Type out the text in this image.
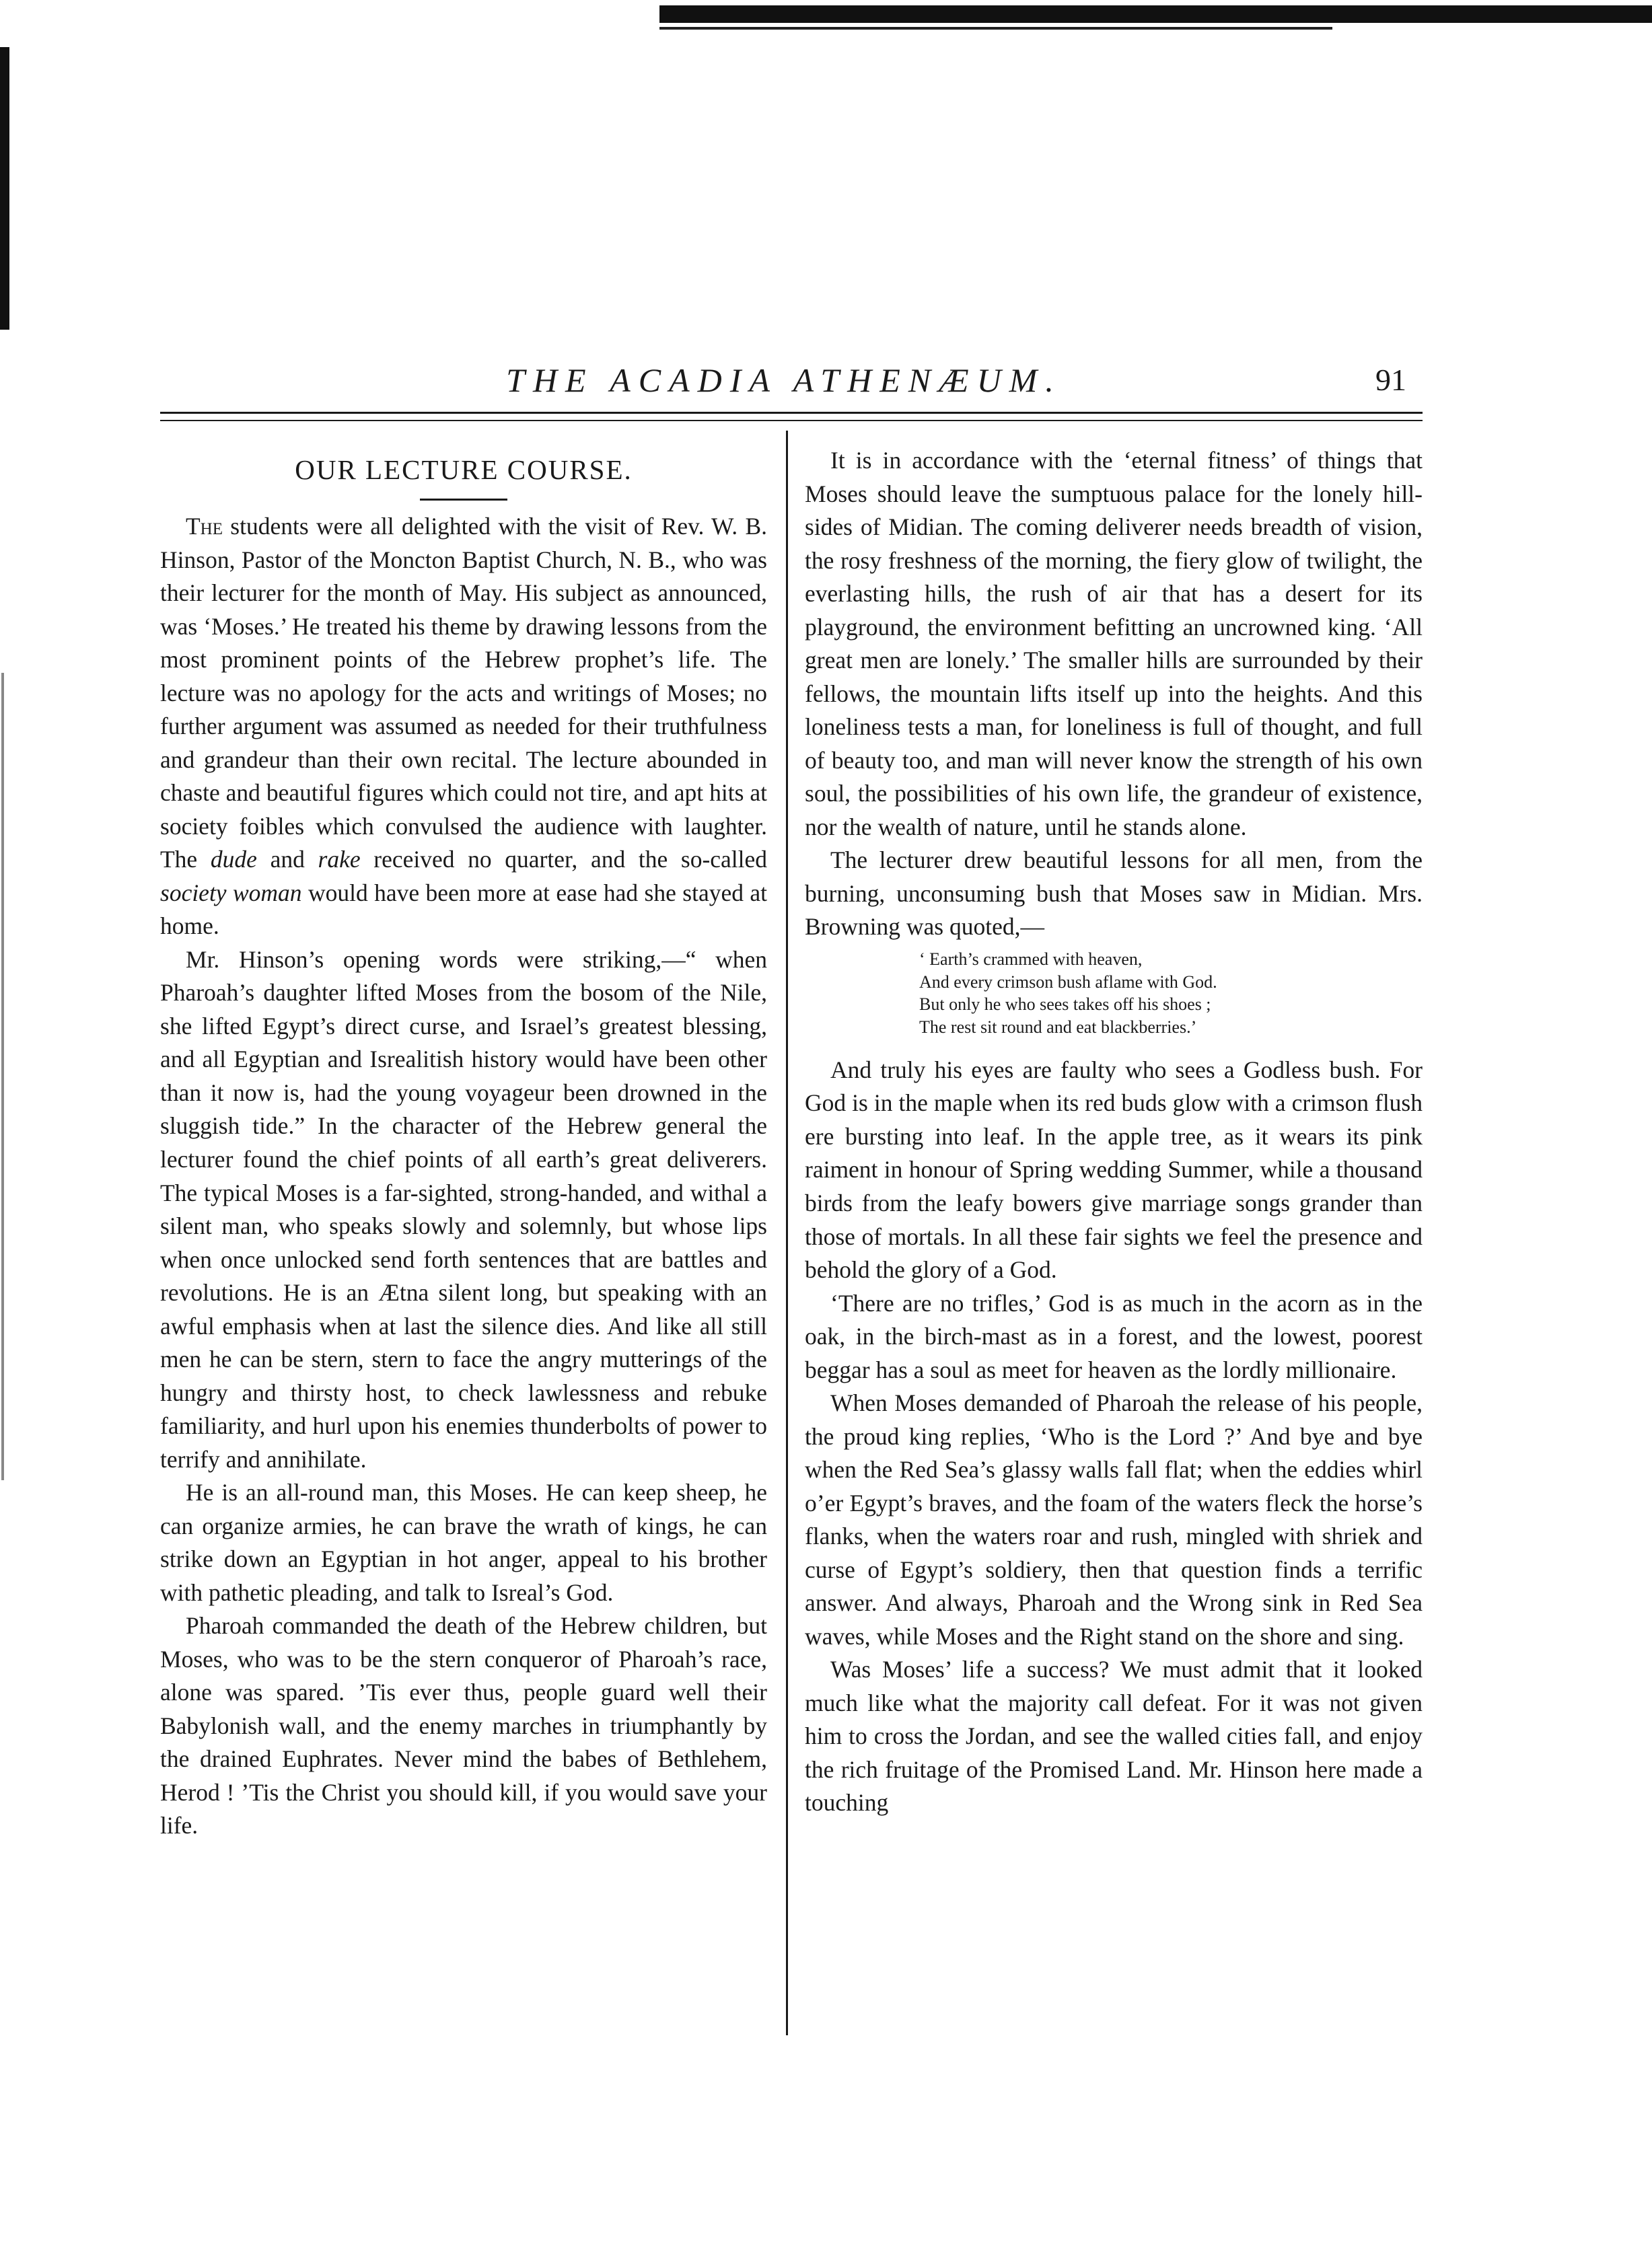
THE ACADIA ATHENÆUM.	91
OUR LECTURE COURSE.

The students were all delighted with the visit of Rev. W. B. Hinson, Pastor of the Moncton Baptist Church, N. B., who was their lecturer for the month of May. His subject as announced, was ‘Moses.’ He treated his theme by drawing lessons from the most prominent points of the Hebrew prophet’s life. The lecture was no apology for the acts and writings of Moses; no further argument was assumed as needed for their truthfulness and grandeur than their own recital. The lecture abounded in chaste and beautiful figures which could not tire, and apt hits at society foibles which convulsed the audience with laughter. The dude and rake received no quarter, and the so-called society woman would have been more at ease had she stayed at home.

Mr. Hinson’s opening words were striking,—“ when Pharoah’s daughter lifted Moses from the bosom of the Nile, she lifted Egypt’s direct curse, and Israel’s greatest blessing, and all Egyptian and Isrealitish history would have been other than it now is, had the young voyageur been drowned in the sluggish tide.” In the character of the Hebrew general the lecturer found the chief points of all earth’s great deliverers. The typical Moses is a far-sighted, strong-handed, and withal a silent man, who speaks slowly and solemnly, but whose lips when once unlocked send forth sentences that are battles and revolutions. He is an Ætna silent long, but speaking with an awful emphasis when at last the silence dies. And like all still men he can be stern, stern to face the angry mutterings of the hungry and thirsty host, to check lawlessness and rebuke familiarity, and hurl upon his enemies thunderbolts of power to terrify and annihilate.

He is an all-round man, this Moses. He can keep sheep, he can organize armies, he can brave the wrath of kings, he can strike down an Egyptian in hot anger, appeal to his brother with pathetic pleading, and talk to Isreal’s God.

Pharoah commanded the death of the Hebrew children, but Moses, who was to be the stern conqueror of Pharoah’s race, alone was spared. ’Tis ever thus, people guard well their Babylonish wall, and the enemy marches in triumphantly by the drained Euphrates. Never mind the babes of Bethlehem, Herod ! ’Tis the Christ you should kill, if you would save your life.

It is in accordance with the ‘eternal fitness’ of things that Moses should leave the sumptuous palace for the lonely hill-sides of Midian. The coming deliverer needs breadth of vision, the rosy freshness of the morning, the fiery glow of twilight, the everlasting hills, the rush of air that has a desert for its playground, the environment befitting an uncrowned king. ‘All great men are lonely.’ The smaller hills are surrounded by their fellows, the mountain lifts itself up into the heights. And this loneliness tests a man, for loneliness is full of thought, and full of beauty too, and man will never know the strength of his own soul, the possibilities of his own life, the grandeur of existence, nor the wealth of nature, until he stands alone.

The lecturer drew beautiful lessons for all men, from the burning, unconsuming bush that Moses saw in Midian. Mrs. Browning was quoted,—

‘ Earth’s crammed with heaven,
And every crimson bush aflame with God.
But only he who sees takes off his shoes ;
The rest sit round and eat blackberries.’

And truly his eyes are faulty who sees a Godless bush. For God is in the maple when its red buds glow with a crimson flush ere bursting into leaf. In the apple tree, as it wears its pink raiment in honour of Spring wedding Summer, while a thousand birds from the leafy bowers give marriage songs grander than those of mortals. In all these fair sights we feel the presence and behold the glory of a God.

‘There are no trifles,’ God is as much in the acorn as in the oak, in the birch-mast as in a forest, and the lowest, poorest beggar has a soul as meet for heaven as the lordly millionaire.

When Moses demanded of Pharoah the release of his people, the proud king replies, ‘Who is the Lord ?’ And bye and bye when the Red Sea’s glassy walls fall flat; when the eddies whirl o’er Egypt’s braves, and the foam of the waters fleck the horse’s flanks, when the waters roar and rush, mingled with shriek and curse of Egypt’s soldiery, then that question finds a terrific answer. And always, Pharoah and the Wrong sink in Red Sea waves, while Moses and the Right stand on the shore and sing.

Was Moses’ life a success? We must admit that it looked much like what the majority call defeat. For it was not given him to cross the Jordan, and see the walled cities fall, and enjoy the rich fruitage of the Promised Land. Mr. Hinson here made a touching
